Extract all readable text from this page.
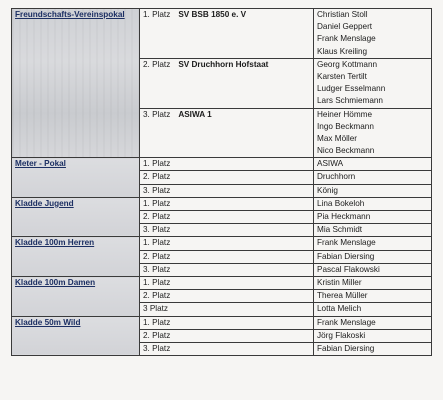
Freundschafts-Vereinspokal	1. Platz SV BSB 1850 e. V	Christian Stoll
Daniel Geppert
Frank Menslage
Klaus Kreiling

	2. Platz SV Druchhorn Hofstaat	Georg Kottmann
Karsten Tertilt
Ludger Esselmann
Lars Schmiemann

	3. Platz ASIWA 1	Heiner Hömme
Ingo Beckmann
Max Möller
Nico Beckmann

Meter - Pokal	1. Platz	ASIWA

	2. Platz	Druchhorn

	3. Platz	König

Kladde Jugend	1. Platz	Lina Bokeloh

	2. Platz	Pia Heckmann

	3. Platz	Mia Schmidt

Kladde 100m Herren	1. Platz	Frank Menslage

	2. Platz	Fabian Diersing

	3. Platz	Pascal Flakowski

Kladde 100m Damen	1. Platz	Kristin Miller

	2. Platz	Therea Müller

	3 Platz	Lotta Melich

Kladde 50m Wild	1. Platz	Frank Menslage

	2. Platz	Jörg Flakoski

	3. Platz	Fabian Diersing
